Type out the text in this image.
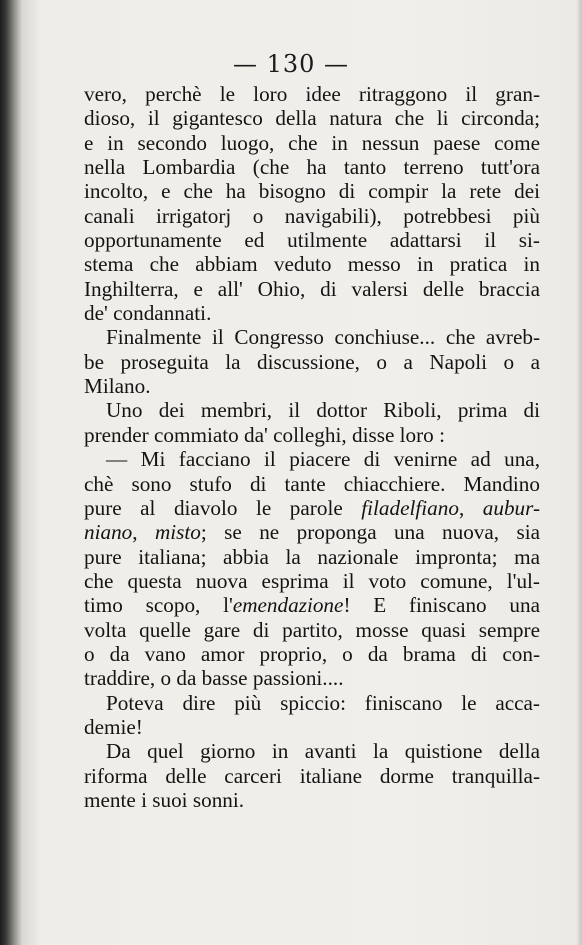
— 130 —
vero, perchè le loro idee ritraggono il gran-
dioso, il gigantesco della natura che li circonda;
e in secondo luogo, che in nessun paese come
nella Lombardia (che ha tanto terreno tutt'ora
incolto, e che ha bisogno di compir la rete dei
canali irrigatorj o navigabili), potrebbesi più
opportunamente ed utilmente adattarsi il si-
stema che abbiam veduto messo in pratica in
Inghilterra, e all' Ohio, di valersi delle braccia
de' condannati.
Finalmente il Congresso conchiuse... che avreb-
be proseguita la discussione, o a Napoli o a
Milano.
Uno dei membri, il dottor Riboli, prima di
prender commiato da' colleghi, disse loro :
— Mi facciano il piacere di venirne ad una,
chè sono stufo di tante chiacchiere. Mandino
pure al diavolo le parole filadelfiano, aubur-
niano, misto; se ne proponga una nuova, sia
pure italiana; abbia la nazionale impronta; ma
che questa nuova esprima il voto comune, l'ul-
timo scopo, l'emendazione! E finiscano una
volta quelle gare di partito, mosse quasi sempre
o da vano amor proprio, o da brama di con-
traddire, o da basse passioni....
Poteva dire più spiccio: finiscano le acca-
demie!
Da quel giorno in avanti la quistione della
riforma delle carceri italiane dorme tranquilla-
mente i suoi sonni.
